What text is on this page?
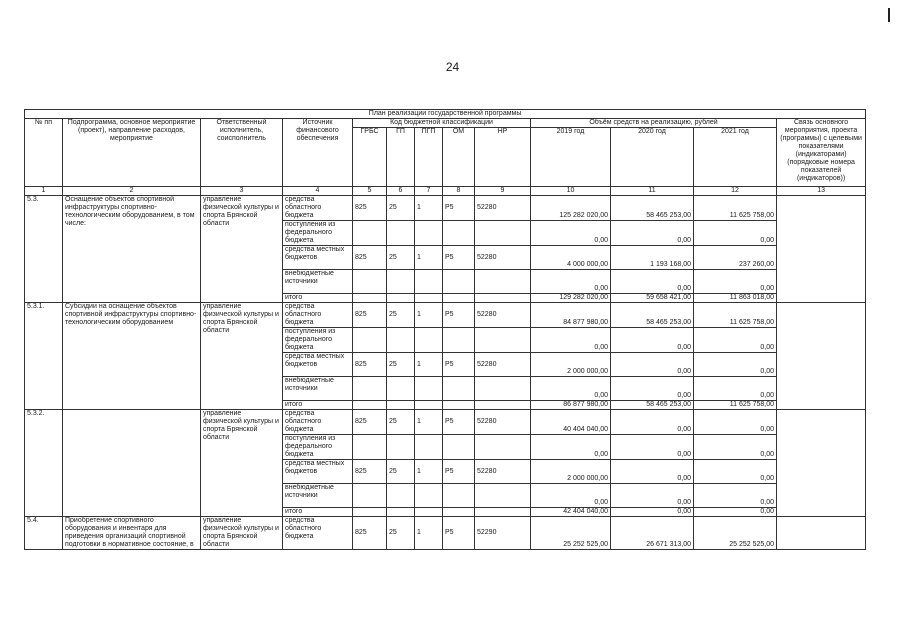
24
План реализации государственной программы												
№ пп	Подпрограмма, основное мероприятие (проект), направление расходов, мероприятие	Ответственный исполнитель, соисполнитель	Источник финансового обеспечения	Код бюджетной классификации					Объём средств на реализацию, рублей			Связь основного мероприятия, проекта (программы) с целевыми показателями (индикаторами) (порядковые номера показателей (индикаторов))
				ГРБС	ГП	ПГП	ОМ	НР	2019 год	2020 год	2021 год	
1	2	3	4	5	6	7	8	9	10	11	12	13
5.3.	Оснащение объектов спортивной инфраструктуры спортивно-технологическим оборудованием, в том числе:	управление физической культуры и спорта Брянской области	средства областного бюджета	825	25	1	P5	52280	125 282 020,00	58 465 253,00	11 625 758,00	
			поступления из федерального бюджета						0,00	0,00	0,00	
			средства местных бюджетов	825	25	1	P5	52280	4 000 000,00	1 193 168,00	237 260,00	
			внебюджетные источники						0,00	0,00	0,00	
			итого						129 282 020,00	59 658 421,00	11 863 018,00	
5.3.1.	Субсидии на оснащение объектов спортивной инфраструктуры спортивно-технологическим оборудованием	управление физической культуры и спорта Брянской области	средства областного бюджета	825	25	1	P5	52280	84 877 980,00	58 465 253,00	11 625 758,00	
			поступления из федерального бюджета						0,00	0,00	0,00	
			средства местных бюджетов	825	25	1	P5	52280	2 000 000,00	0,00	0,00	
			внебюджетные источники						0,00	0,00	0,00	
			итого						86 877 980,00	58 465 253,00	11 625 758,00	
5.3.2.		управление физической культуры и спорта Брянской области	средства областного бюджета	825	25	1	P5	52280	40 404 040,00	0,00	0,00	
			поступления из федерального бюджета						0,00	0,00	0,00	
			средства местных бюджетов	825	25	1	P5	52280	2 000 000,00	0,00	0,00	
			внебюджетные источники						0,00	0,00	0,00	
			итого						42 404 040,00	0,00	0,00	
5.4.	Приобретение спортивного оборудования и инвентаря для приведения организаций спортивной подготовки в нормативное состояние, в	управление физической культуры и спорта Брянской области	средства областного бюджета	825	25	1	P5	52290	25 252 525,00	26 671 313,00	25 252 525,00	
